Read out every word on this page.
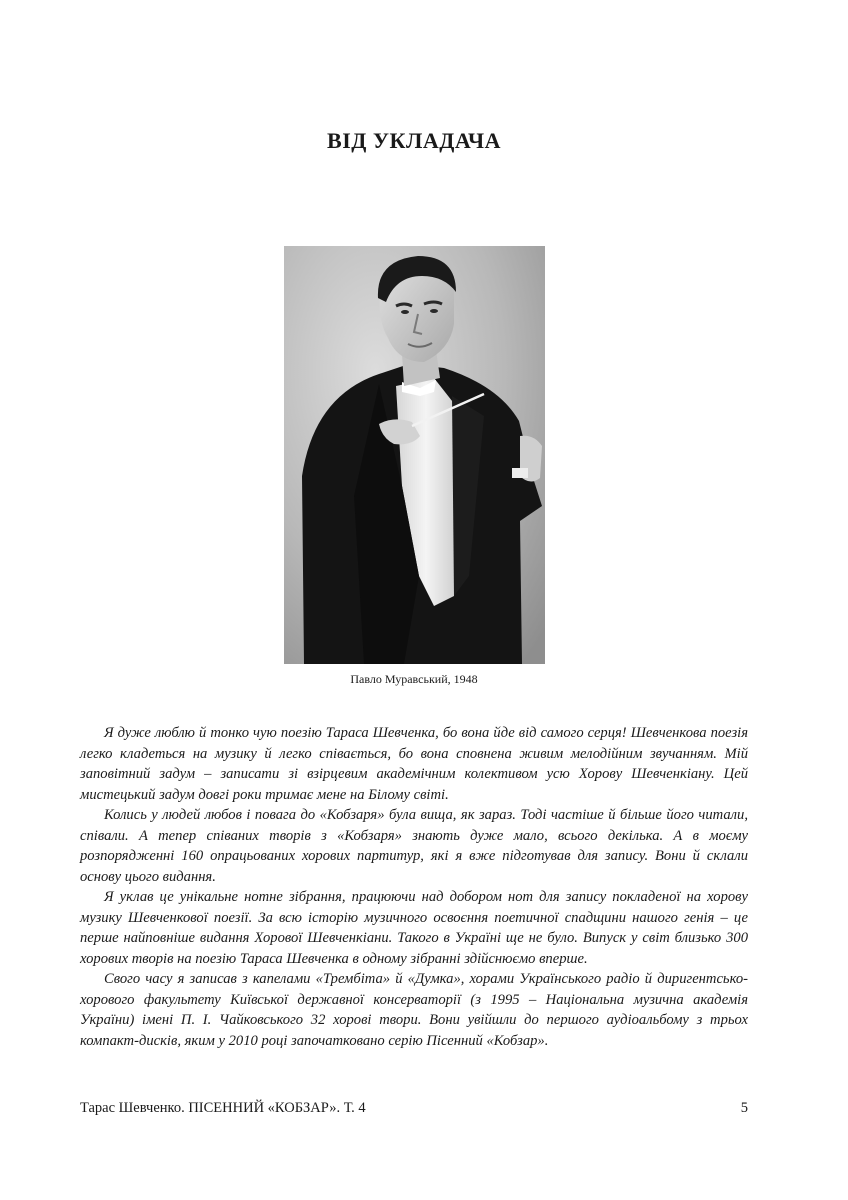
ВІД УКЛАДАЧА
Павло Муравський, 1948

Я дуже люблю й тонко чую поезію Тараса Шевченка, бо вона йде від самого серця! Шевченкова поезія легко кладеться на музику й легко співається, бо вона сповнена живим мелодійним звучанням. Мій заповітний задум – записати зі взірцевим академічним колективом усю Хорову Шевченкіану. Цей мистецький задум довгі роки тримає мене на Білому світі.

Колись у людей любов і повага до «Кобзаря» була вища, як зараз. Тоді частіше й більше його читали, співали. А тепер співаних творів з «Кобзаря» знають дуже мало, всього декілька. А в моєму розпорядженні 160 опрацьованих хорових партитур, які я вже підготував для запису. Вони й склали основу цього видання.

Я уклав це унікальне нотне зібрання, працюючи над добором нот для запису покладеної на хорову музику Шевченкової поезії. За всю історію музичного освоєння поетичної спадщини нашого генія – це перше найповніше видання Хорової Шевченкіани. Такого в Україні ще не було. Випуск у світ близько 300 хорових творів на поезію Тараса Шевченка в одному зібранні здійснюємо вперше.

Свого часу я записав з капелами «Трембіта» й «Думка», хорами Українського радіо й диригентсько-хорового факультету Київської державної консерваторії (з 1995 – Національна музична академія України) імені П. І. Чайковського 32 хорові твори. Вони увійшли до першого аудіоальбому з трьох компакт-дисків, яким у 2010 році започатковано серію Пісенний «Кобзар».

Тарас Шевченко. ПІСЕННИЙ «КОБЗАР». Т. 4	5
